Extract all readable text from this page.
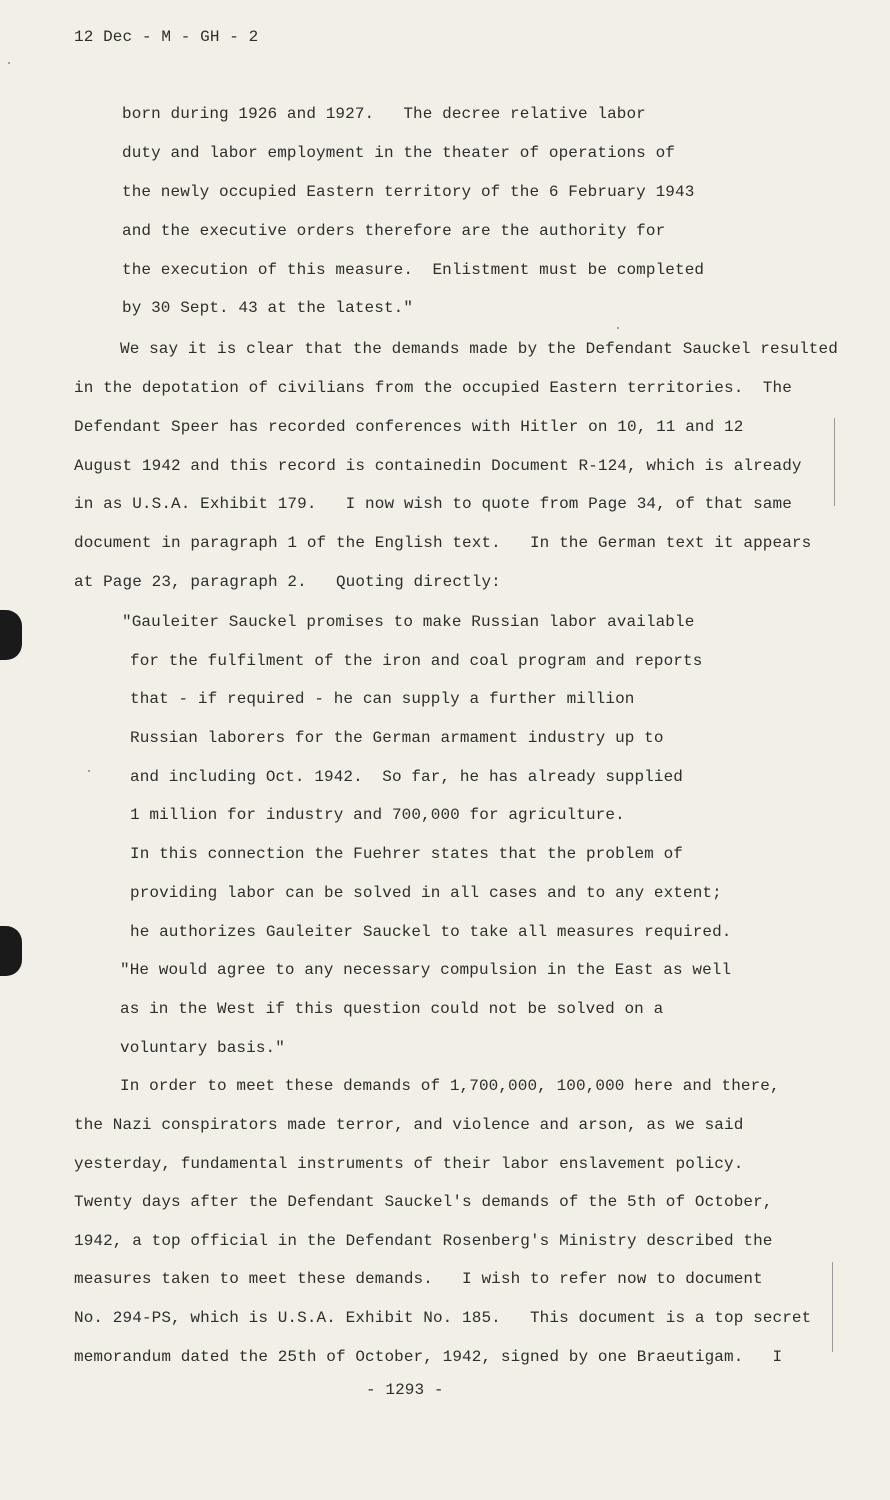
12 Dec - M - GH - 2
born during 1926 and 1927.   The decree relative labor
duty and labor employment in the theater of operations of
the newly occupied Eastern territory of the 6 February 1943
and the executive orders therefore are the authority for
the execution of this measure.  Enlistment must be completed
by 30 Sept. 43 at the latest."
We say it is clear that the demands made by the Defendant Sauckel resulted
in the depotation of civilians from the occupied Eastern territories.  The
Defendant Speer has recorded conferences with Hitler on 10, 11 and 12
August 1942 and this record is containedin Document R-124, which is already
in as U.S.A. Exhibit 179.   I now wish to quote from Page 34, of that same
document in paragraph 1 of the English text.   In the German text it appears
at Page 23, paragraph 2.   Quoting directly:
"Gauleiter Sauckel promises to make Russian labor available
for the fulfilment of the iron and coal program and reports
that - if required - he can supply a further million
Russian laborers for the German armament industry up to
and including Oct. 1942.  So far, he has already supplied
1 million for industry and 700,000 for agriculture.
In this connection the Fuehrer states that the problem of
providing labor can be solved in all cases and to any extent;
he authorizes Gauleiter Sauckel to take all measures required.
"He would agree to any necessary compulsion in the East as well
as in the West if this question could not be solved on a
voluntary basis."
In order to meet these demands of 1,700,000, 100,000 here and there,
the Nazi conspirators made terror, and violence and arson, as we said
yesterday, fundamental instruments of their labor enslavement policy.
Twenty days after the Defendant Sauckel's demands of the 5th of October,
1942, a top official in the Defendant Rosenberg's Ministry described the
measures taken to meet these demands.   I wish to refer now to document
No. 294-PS, which is U.S.A. Exhibit No. 185.   This document is a top secret
memorandum dated the 25th of October, 1942, signed by one Braeutigam.   I
- 1293 -
